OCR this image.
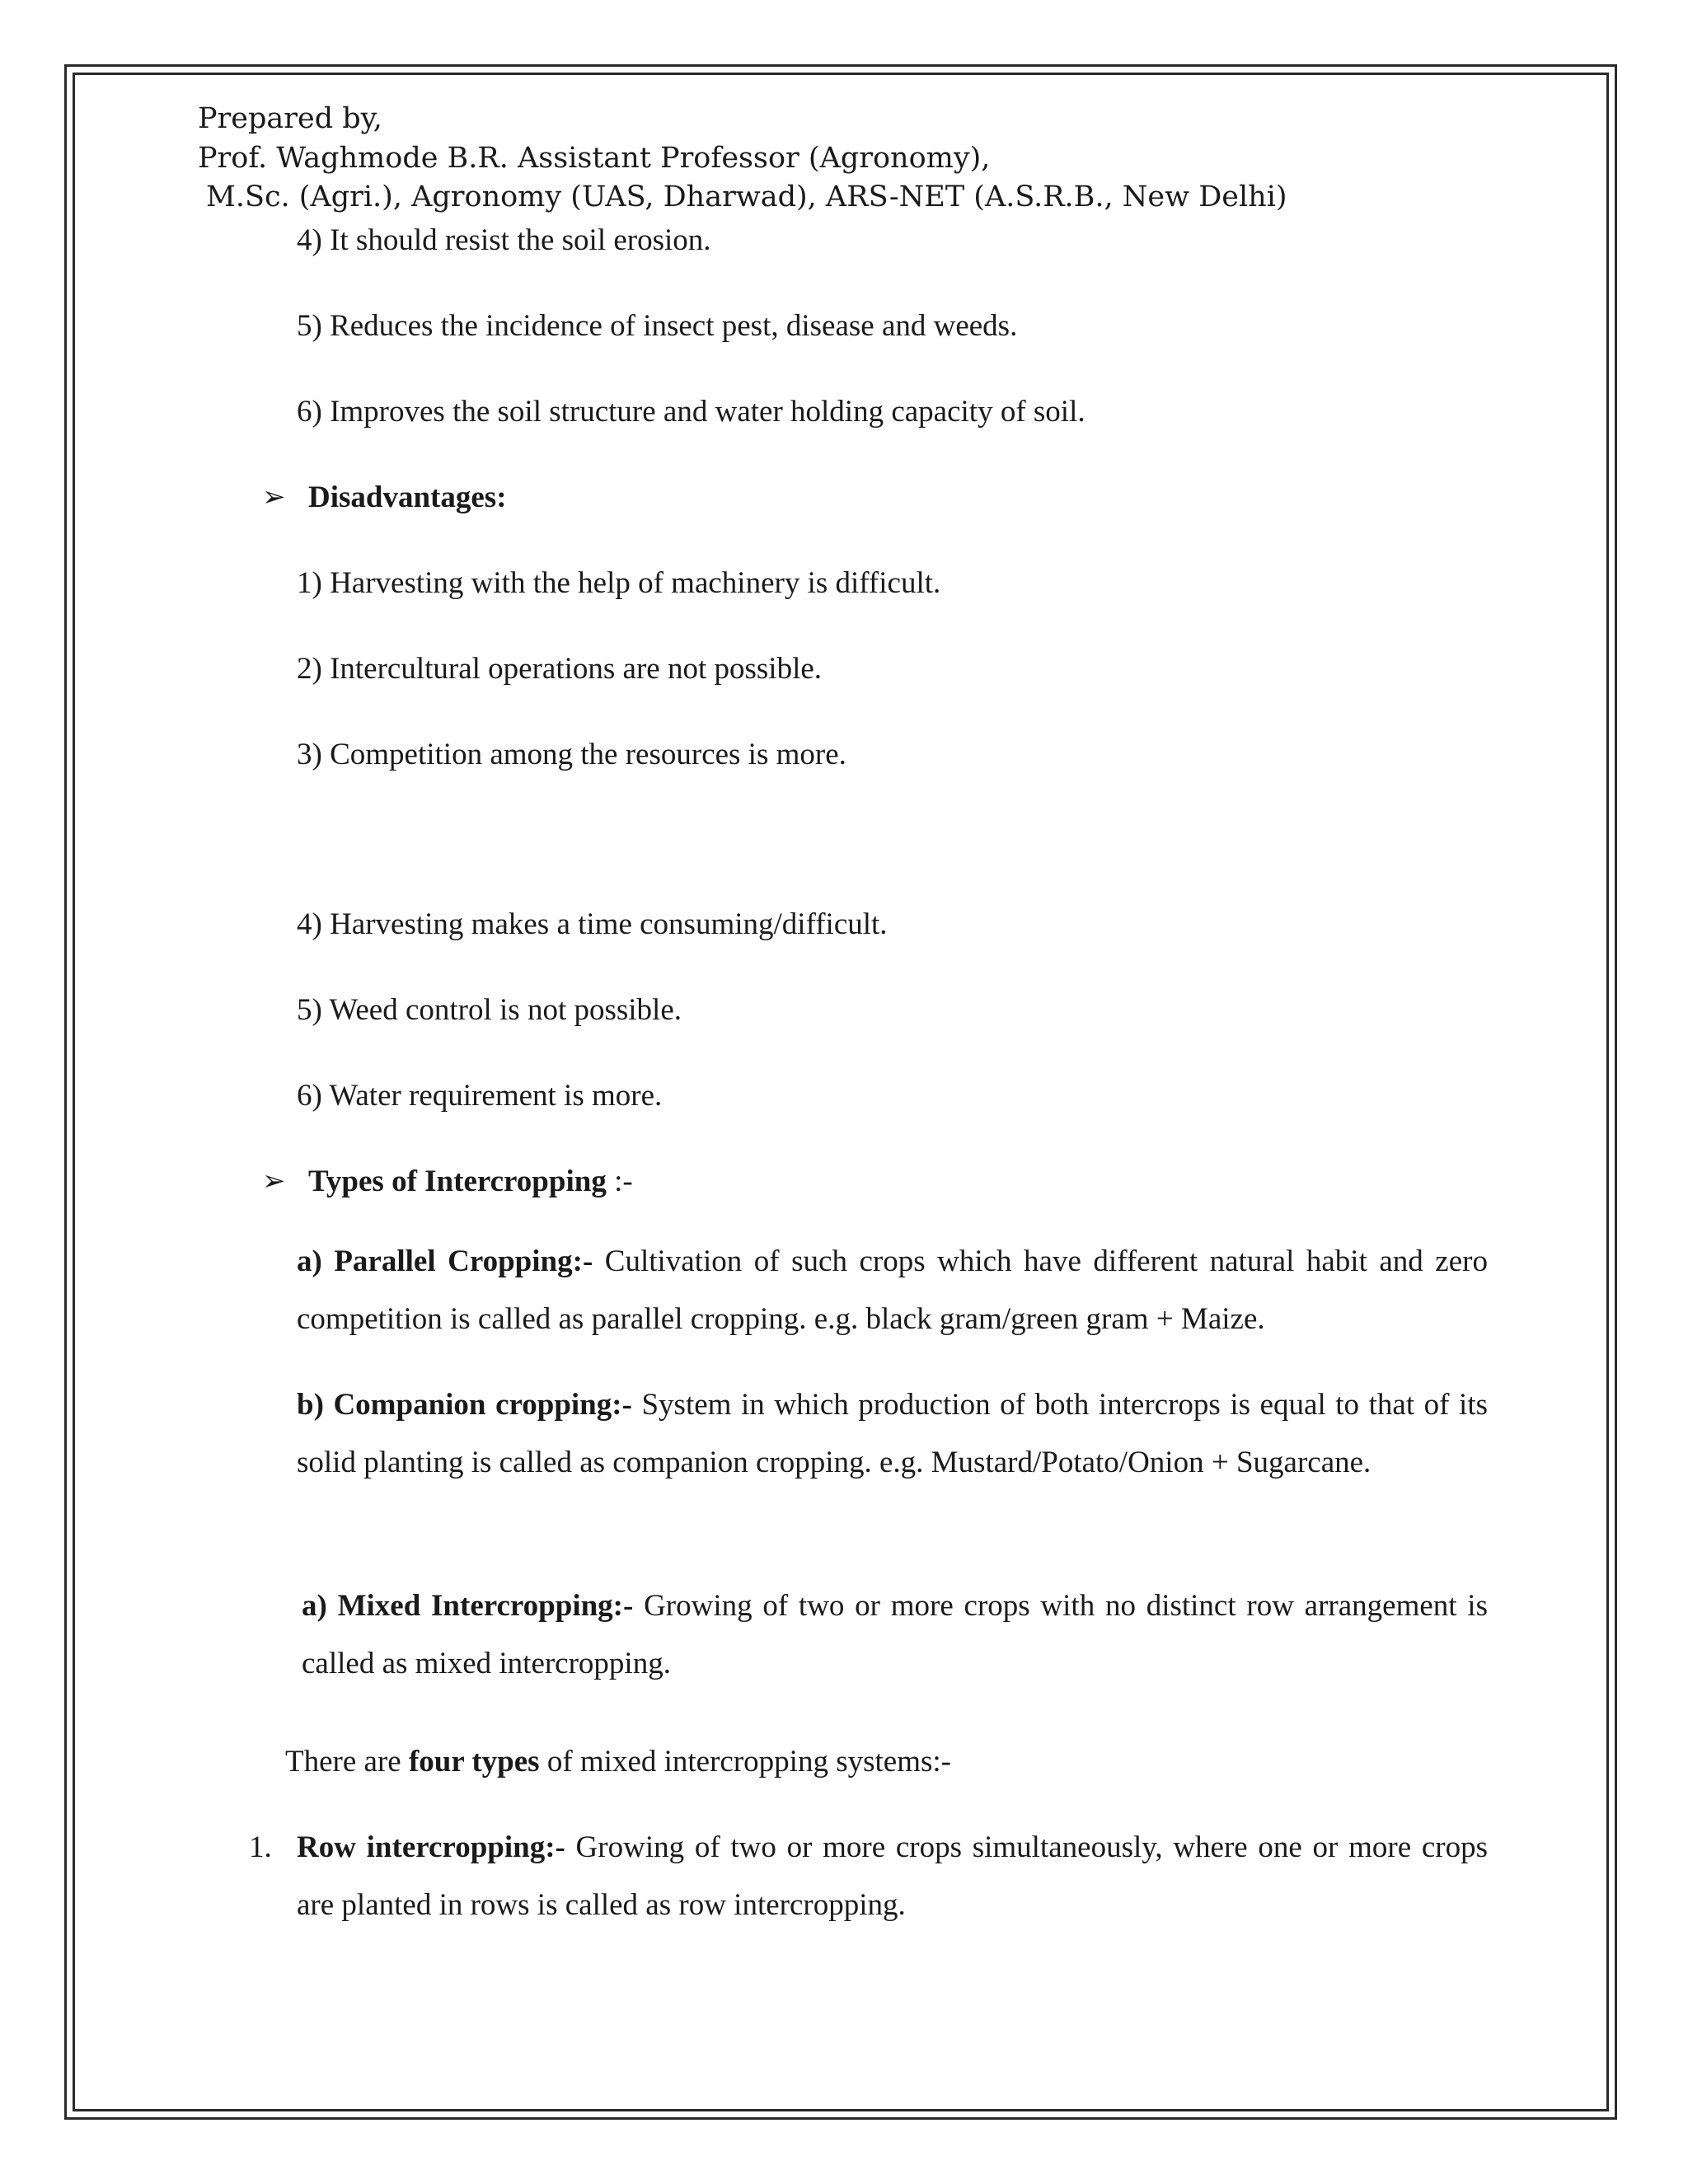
Prepared by,
Prof. Waghmode B.R. Assistant Professor (Agronomy),
M.Sc. (Agri.), Agronomy (UAS, Dharwad), ARS-NET (A.S.R.B., New Delhi)
4) It should resist the soil erosion.
5) Reduces the incidence of insect pest, disease and weeds.
6) Improves the soil structure and water holding capacity of soil.
➢ Disadvantages:
1) Harvesting with the help of machinery is difficult.
2) Intercultural operations are not possible.
3) Competition among the resources is more.
4) Harvesting makes a time consuming/difficult.
5) Weed control is not possible.
6) Water requirement is more.
➢ Types of Intercropping :-
a) Parallel Cropping:- Cultivation of such crops which have different natural habit and zero competition is called as parallel cropping. e.g. black gram/green gram + Maize.
b) Companion cropping:- System in which production of both intercrops is equal to that of its solid planting is called as companion cropping. e.g. Mustard/Potato/Onion + Sugarcane.
a) Mixed Intercropping:- Growing of two or more crops with no distinct row arrangement is called as mixed intercropping.
There are four types of mixed intercropping systems:-
1. Row intercropping:- Growing of two or more crops simultaneously, where one or more crops are planted in rows is called as row intercropping.
